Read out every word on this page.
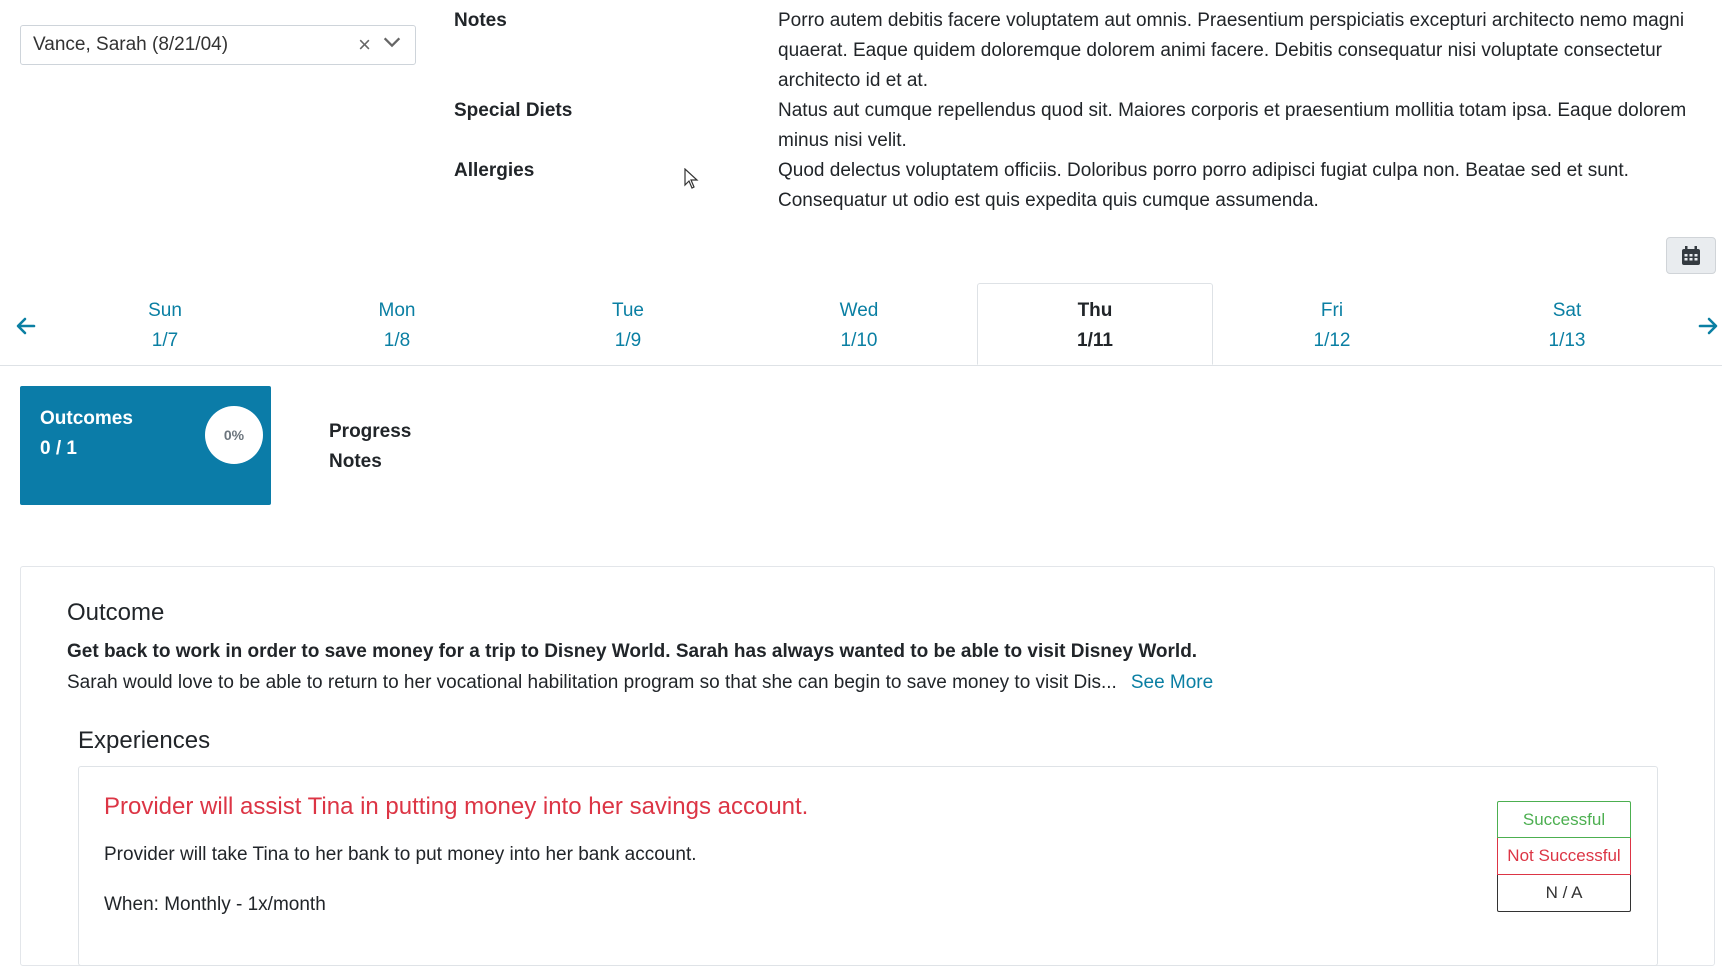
Vance, Sarah (8/21/04)	×
Notes	Porro autem debitis facere voluptatem aut omnis. Praesentium perspiciatis excepturi architecto nemo magni quaerat. Eaque quidem doloremque dolorem animi facere. Debitis consequatur nisi voluptate consectetur architecto id et at.
Special Diets	Natus aut cumque repellendus quod sit. Maiores corporis et praesentium mollitia totam ipsa. Eaque dolorem minus nisi velit.
Allergies	Quod delectus voluptatem officiis. Doloribus porro porro adipisci fugiat culpa non. Beatae sed et sunt. Consequatur ut odio est quis expedita quis cumque assumenda.
Sun
1/7
Mon
1/8
Tue
1/9
Wed
1/10
Thu
1/11
Fri
1/12
Sat
1/13
Outcomes
0 / 1
0%	Progress Notes
Outcome
Get back to work in order to save money for a trip to Disney World. Sarah has always wanted to be able to visit Disney World.
Sarah would love to be able to return to her vocational habilitation program so that she can begin to save money to visit Dis... See More
Experiences
Provider will assist Tina in putting money into her savings account.
Provider will take Tina to her bank to put money into her bank account.
When: Monthly - 1x/month
Successful
Not Successful
N / A
